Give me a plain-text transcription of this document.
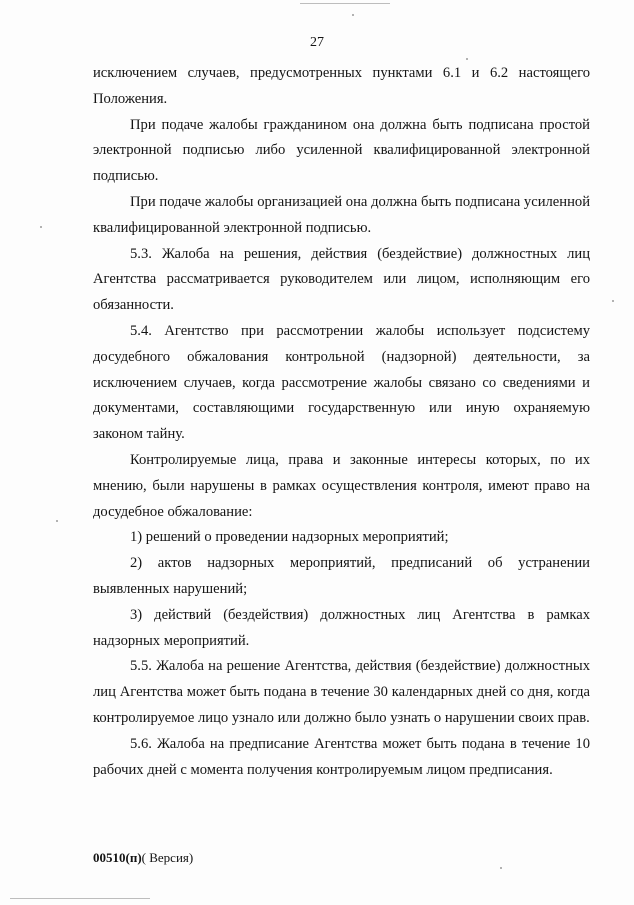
27

исключением случаев, предусмотренных пунктами 6.1 и 6.2 настоящего Положения.

При подаче жалобы гражданином она должна быть подписана простой электронной подписью либо усиленной квалифицированной электронной подписью.

При подаче жалобы организацией она должна быть подписана усиленной квалифицированной электронной подписью.

5.3. Жалоба на решения, действия (бездействие) должностных лиц Агентства рассматривается руководителем или лицом, исполняющим его обязанности.

5.4. Агентство при рассмотрении жалобы использует подсистему досудебного обжалования контрольной (надзорной) деятельности, за исключением случаев, когда рассмотрение жалобы связано со сведениями и документами, составляющими государственную или иную охраняемую законом тайну.

Контролируемые лица, права и законные интересы которых, по их мнению, были нарушены в рамках осуществления контроля, имеют право на досудебное обжалование:

1) решений о проведении надзорных мероприятий;

2) актов надзорных мероприятий, предписаний об устранении выявленных нарушений;

3) действий (бездействия) должностных лиц Агентства в рамках надзорных мероприятий.

5.5. Жалоба на решение Агентства, действия (бездействие) должностных лиц Агентства может быть подана в течение 30 календарных дней со дня, когда контролируемое лицо узнало или должно было узнать о нарушении своих прав.

5.6. Жалоба на предписание Агентства может быть подана в течение 10 рабочих дней с момента получения контролируемым лицом предписания.

00510(п)( Версия)
